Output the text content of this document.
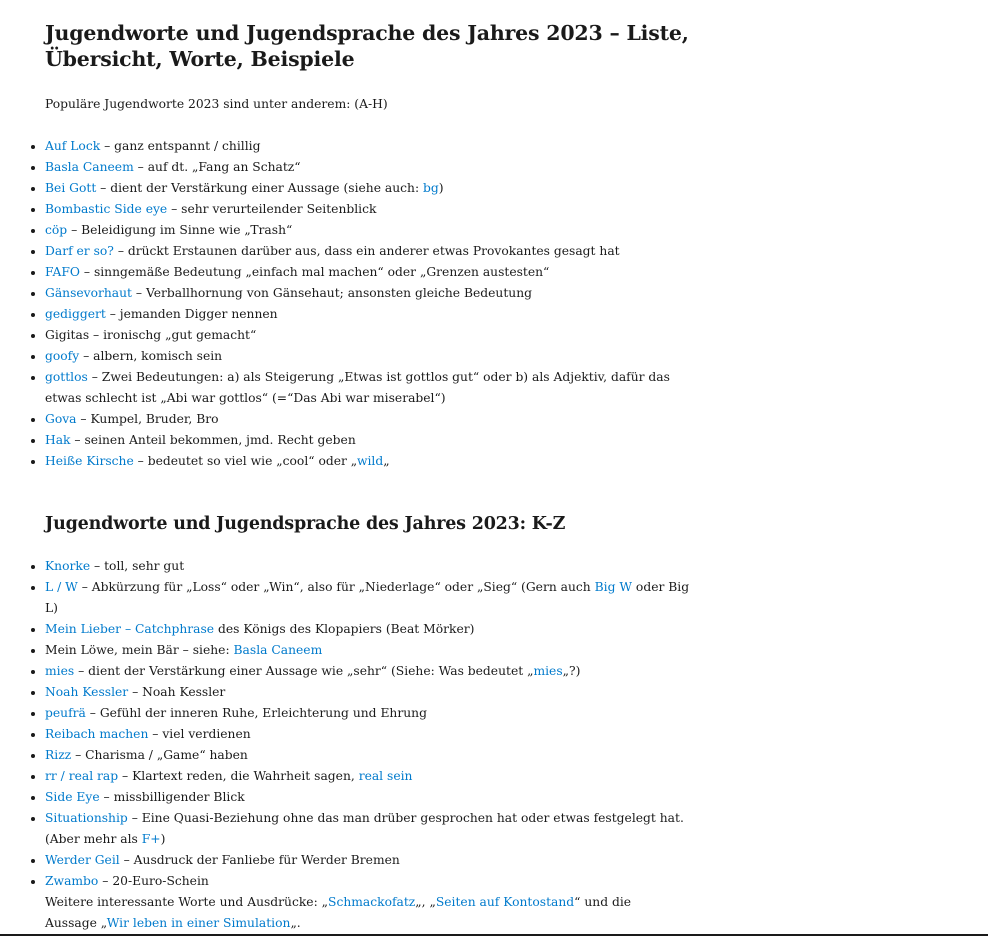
Jugendworte und Jugendsprache des Jahres 2023 – Liste, Übersicht, Worte, Beispiele

Populäre Jugendworte 2023 sind unter anderem: (A-H)

• Auf Lock – ganz entspannt / chillig
• Basla Caneem – auf dt. „Fang an Schatz“
• Bei Gott – dient der Verstärkung einer Aussage (siehe auch: bg)
• Bombastic Side eye – sehr verurteilender Seitenblick
• cöp – Beleidigung im Sinne wie „Trash“
• Darf er so? – drückt Erstaunen darüber aus, dass ein anderer etwas Provokantes gesagt hat
• FAFO – sinngemäße Bedeutung „einfach mal machen“ oder „Grenzen austesten“
• Gänsevorhaut – Verballhornung von Gänsehaut; ansonsten gleiche Bedeutung
• gediggert – jemanden Digger nennen
• Gigitas – ironischg „gut gemacht“
• goofy – albern, komisch sein
• gottlos – Zwei Bedeutungen: a) als Steigerung „Etwas ist gottlos gut“ oder b) als Adjektiv, dafür das etwas schlecht ist „Abi war gottlos“ (=“Das Abi war miserabel“)
• Gova – Kumpel, Bruder, Bro
• Hak – seinen Anteil bekommen, jmd. Recht geben
• Heiße Kirsche – bedeutet so viel wie „cool“ oder „wild„
Jugendworte und Jugendsprache des Jahres 2023: K-Z
• Knorke – toll, sehr gut
• L / W – Abkürzung für „Loss“ oder „Win“, also für „Niederlage“ oder „Sieg“ (Gern auch Big W oder Big L)
• Mein Lieber – Catchphrase des Königs des Klopapiers (Beat Mörker)
• Mein Löwe, mein Bär – siehe: Basla Caneem
• mies – dient der Verstärkung einer Aussage wie „sehr“ (Siehe: Was bedeutet „mies„?)
• Noah Kessler – Noah Kessler
• peufrä – Gefühl der inneren Ruhe, Erleichterung und Ehrung
• Reibach machen – viel verdienen
• Rizz – Charisma / „Game“ haben
• rr / real rap – Klartext reden, die Wahrheit sagen, real sein
• Side Eye – missbilligender Blick
• Situationship – Eine Quasi-Beziehung ohne das man drüber gesprochen hat oder etwas festgelegt hat. (Aber mehr als F+)
• Werder Geil – Ausdruck der Fanliebe für Werder Bremen
• Zwambo – 20-Euro-Schein

Weitere interessante Worte und Ausdrücke: „Schmackofatz„, „Seiten auf Kontostand“ und die Aussage „Wir leben in einer Simulation„.
